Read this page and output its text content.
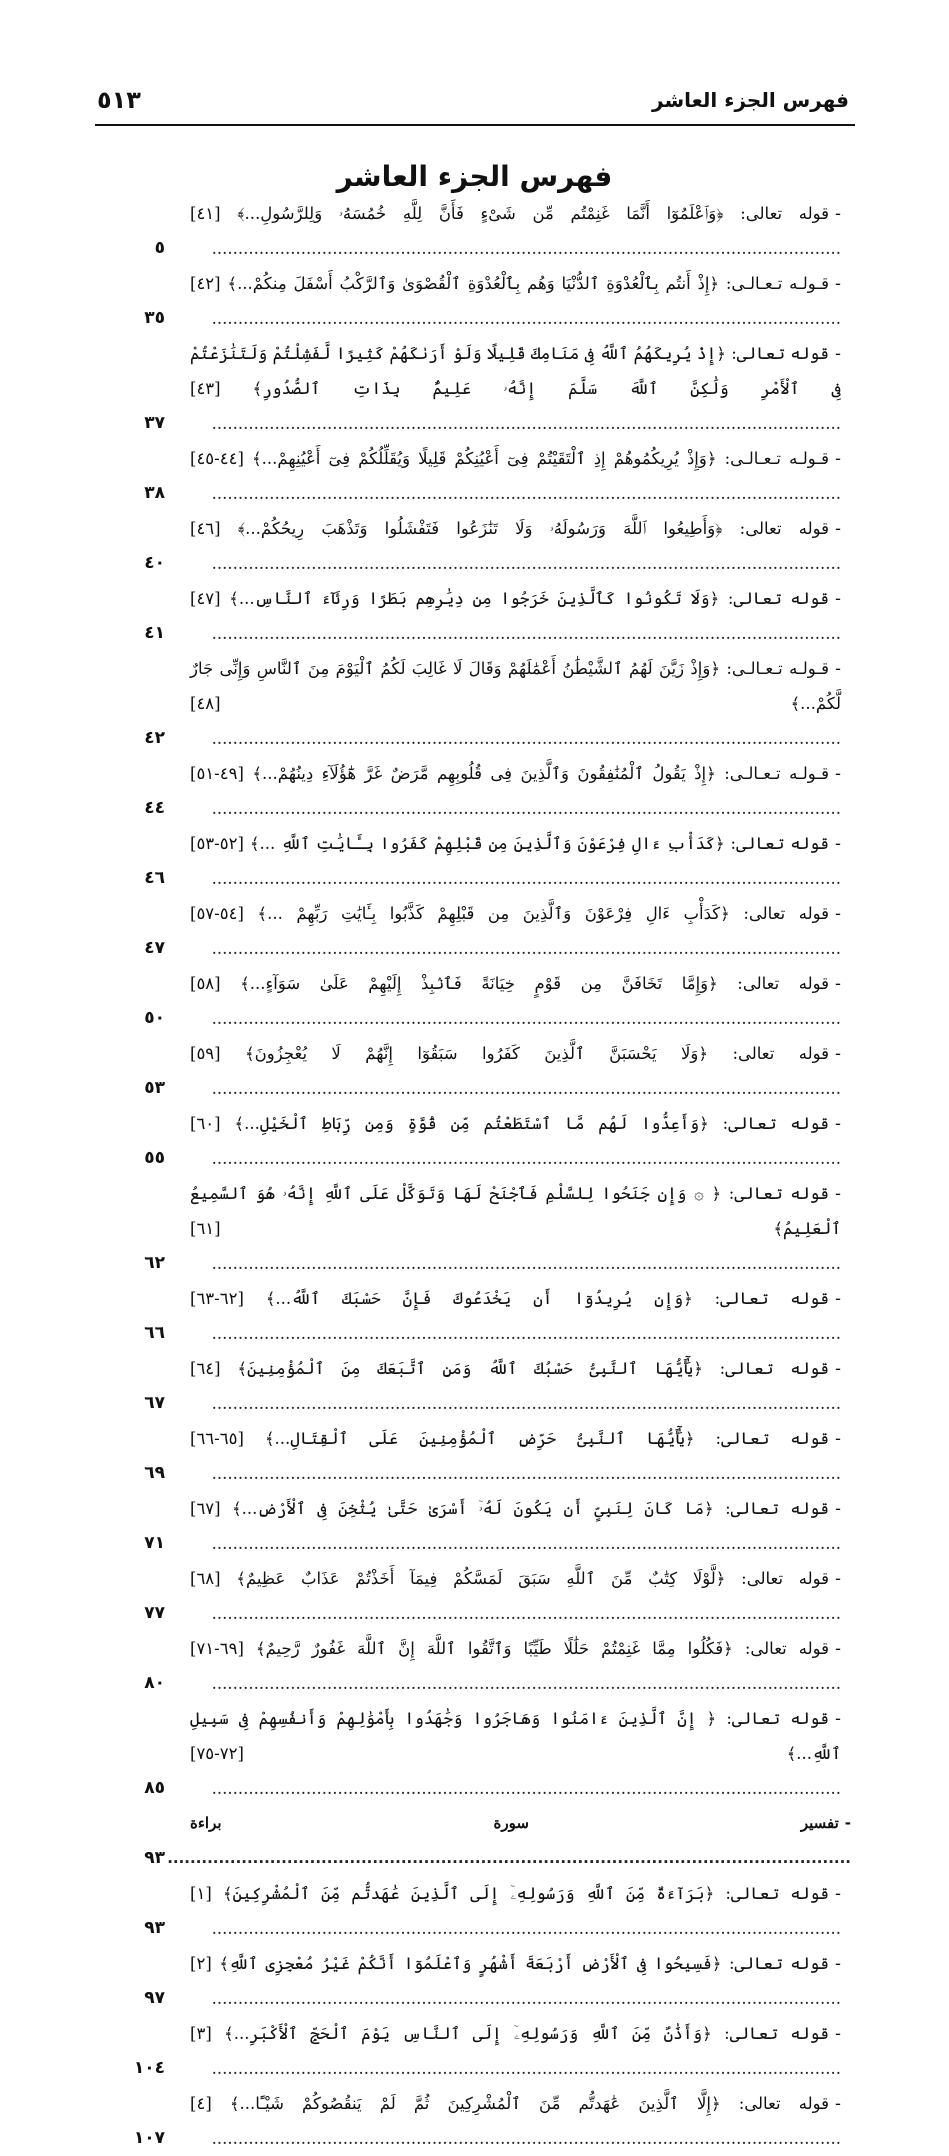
فهرس الجزء العاشر
٥١٣
فهرس الجزء العاشر
-قوله تعالى: ﴿وَٱعْلَمُوٓا أَنَّمَا غَنِمْتُم مِّن شَىْءٍ فَأَنَّ لِلَّهِ خُمُسَهُۥ وَلِلرَّسُولِ...﴾ [٤١] ........................................................................................................................
٥
-قـولـه تـعـالـى: ﴿إِذْ أَنتُم بِٱلْعُدْوَةِ ٱلدُّنْيَا وَهُم بِٱلْعُدْوَةِ ٱلْقُصْوَىٰ وَٱلرَّكْبُ أَسْفَلَ مِنكُمْ...﴾ [٤٢] ........................................................................................................................
٣٥
-قوله تعالى: ﴿إِذْ يُرِيكَهُمُ ٱللَّهُ فِى مَنَامِكَ قَلِيلًا وَلَوْ أَرَىٰكَهُمْ كَثِيرًا لَّفَشِلْتُمْ وَلَتَنَٰزَعْتُمْ فِى ٱلْأَمْرِ وَلَٰكِنَّ ٱللَّهَ سَلَّمَ إِنَّهُۥ عَلِيمٌۢ بِذَاتِ ٱلصُّدُورِ﴾ [٤٣] ........................................................................................................................
٣٧
-قـولـه تـعـالـى: ﴿وَإِذْ يُرِيكُمُوهُمْ إِذِ ٱلْتَقَيْتُمْ فِىٓ أَعْيُنِكُمْ قَلِيلًا وَيُقَلِّلُكُمْ فِىٓ أَعْيُنِهِمْ...﴾ [٤٤-٤٥] ........................................................................................................................
٣٨
-قوله تعالى: ﴿وَأَطِيعُوا ٱللَّهَ وَرَسُولَهُۥ وَلَا تَنَٰزَعُوا فَتَفْشَلُوا وَتَذْهَبَ رِيحُكُمْ...﴾ [٤٦] ........................................................................................................................
٤٠
-قوله تعالى: ﴿وَلَا تَكُونُوا كَٱلَّذِينَ خَرَجُوا مِن دِيَٰرِهِم بَطَرًا وَرِئَآءَ ٱلنَّاسِ...﴾ [٤٧] ........................................................................................................................
٤١
-قـولـه تـعـالـى: ﴿وَإِذْ زَيَّنَ لَهُمُ ٱلشَّيْطَٰنُ أَعْمَٰلَهُمْ وَقَالَ لَا غَالِبَ لَكُمُ ٱلْيَوْمَ مِنَ ٱلنَّاسِ وَإِنِّى جَارٌ لَّكُمْ...﴾ [٤٨] ........................................................................................................................
٤٢
-قـولـه تـعـالـى: ﴿إِذْ يَقُولُ ٱلْمُنَٰفِقُونَ وَٱلَّذِينَ فِى قُلُوبِهِم مَّرَضٌ غَرَّ هَٰٓؤُلَآءِ دِينُهُمْ...﴾ [٤٩-٥١] ........................................................................................................................
٤٤
-قوله تعالى: ﴿كَدَأْبِ ءَالِ فِرْعَوْنَ وَٱلَّذِينَ مِن قَبْلِهِمْ كَفَرُوا بِـَٔايَٰتِ ٱللَّهِ ...﴾ [٥٢-٥٣] ........................................................................................................................
٤٦
-قوله تعالى: ﴿كَدَأْبِ ءَالِ فِرْعَوْنَ وَٱلَّذِينَ مِن قَبْلِهِمْ كَذَّبُوا بِـَٔايَٰتِ رَبِّهِمْ ...﴾ [٥٤-٥٧] ........................................................................................................................
٤٧
-قوله تعالى: ﴿وَإِمَّا تَخَافَنَّ مِن قَوْمٍ خِيَانَةً فَٱنۢبِذْ إِلَيْهِمْ عَلَىٰ سَوَآءٍ...﴾ [٥٨] ........................................................................................................................
٥٠
-قوله تعالى: ﴿وَلَا يَحْسَبَنَّ ٱلَّذِينَ كَفَرُوا سَبَقُوٓا إِنَّهُمْ لَا يُعْجِزُونَ﴾ [٥٩] ........................................................................................................................
٥٣
-قوله تعالى: ﴿وَأَعِدُّوا لَهُم مَّا ٱسْتَطَعْتُم مِّن قُوَّةٍ وَمِن رِّبَاطِ ٱلْخَيْلِ...﴾ [٦٠] ........................................................................................................................
٥٥
-قوله تعالى: ﴿ ۞ وَإِن جَنَحُوا لِلسَّلْمِ فَٱجْنَحْ لَهَا وَتَوَكَّلْ عَلَى ٱللَّهِ إِنَّهُۥ هُوَ ٱلسَّمِيعُ ٱلْعَلِيمُ﴾ [٦١] ........................................................................................................................
٦٢
-قوله تعالى: ﴿وَإِن يُرِيدُوٓا أَن يَخْدَعُوكَ فَإِنَّ حَسْبَكَ ٱللَّهُ...﴾ [٦٢-٦٣] ........................................................................................................................
٦٦
-قوله تعالى: ﴿يَٰٓأَيُّهَا ٱلنَّبِىُّ حَسْبُكَ ٱللَّهُ وَمَنِ ٱتَّبَعَكَ مِنَ ٱلْمُؤْمِنِينَ﴾ [٦٤] ........................................................................................................................
٦٧
-قوله تعالى: ﴿يَٰٓأَيُّهَا ٱلنَّبِىُّ حَرِّضِ ٱلْمُؤْمِنِينَ عَلَى ٱلْقِتَالِ...﴾ [٦٥-٦٦] ........................................................................................................................
٦٩
-قوله تعالى: ﴿مَا كَانَ لِنَبِىٍّ أَن يَكُونَ لَهُۥٓ أَسْرَىٰ حَتَّىٰ يُثْخِنَ فِى ٱلْأَرْضِ...﴾ [٦٧] ........................................................................................................................
٧١
-قوله تعالى: ﴿لَّوْلَا كِتَٰبٌ مِّنَ ٱللَّهِ سَبَقَ لَمَسَّكُمْ فِيمَآ أَخَذْتُمْ عَذَابٌ عَظِيمٌ﴾ [٦٨] ........................................................................................................................
٧٧
-قوله تعالى: ﴿فَكُلُوا مِمَّا غَنِمْتُمْ حَلَٰلًا طَيِّبًا وَٱتَّقُوا ٱللَّهَ إِنَّ ٱللَّهَ غَفُورٌ رَّحِيمٌ﴾ [٦٩-٧١] ........................................................................................................................
٨٠
-قوله تعالى: ﴿ إِنَّ ٱلَّذِينَ ءَامَنُوا وَهَاجَرُوا وَجَٰهَدُوا بِأَمْوَٰلِهِمْ وَأَنفُسِهِمْ فِى سَبِيلِ ٱللَّهِ...﴾ [٧٢-٧٥] ........................................................................................................................
٨٥
-تفسير سورة براءة ........................................................................................................................
٩٣
-قوله تعالى: ﴿بَرَآءَةٌ مِّنَ ٱللَّهِ وَرَسُولِهِۦٓ إِلَى ٱلَّذِينَ عَٰهَدتُّم مِّنَ ٱلْمُشْرِكِينَ﴾ [١] ........................................................................................................................
٩٣
-قوله تعالى: ﴿فَسِيحُوا فِى ٱلْأَرْضِ أَرْبَعَةَ أَشْهُرٍ وَٱعْلَمُوٓا أَنَّكُمْ غَيْرُ مُعْجِزِى ٱللَّهِ﴾ [٢] ........................................................................................................................
٩٧
-قوله تعالى: ﴿وَأَذَٰنٌ مِّنَ ٱللَّهِ وَرَسُولِهِۦٓ إِلَى ٱلنَّاسِ يَوْمَ ٱلْحَجِّ ٱلْأَكْبَرِ...﴾ [٣] ........................................................................................................................
١٠٤
-قوله تعالى: ﴿إِلَّا ٱلَّذِينَ عَٰهَدتُّم مِّنَ ٱلْمُشْرِكِينَ ثُمَّ لَمْ يَنقُصُوكُمْ شَيْـًٔا...﴾ [٤] ........................................................................................................................
١٠٧
